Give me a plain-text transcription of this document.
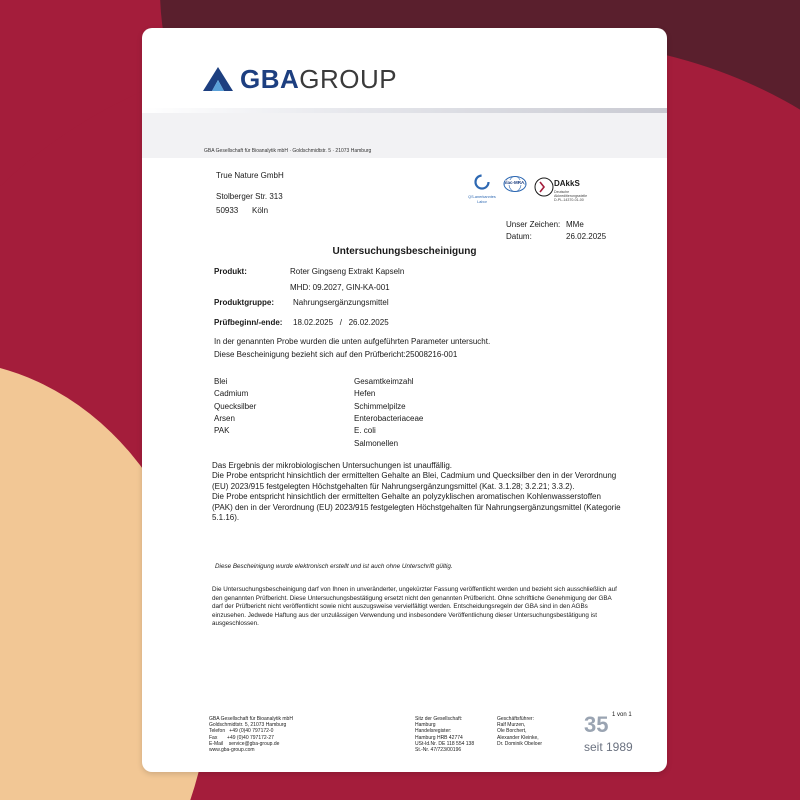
GBAGROUP
GBA Gesellschaft für Bioanalytik mbH · Goldschmidtstr. 5 · 21073 Hamburg
True Nature GmbH
Stolberger Str. 313
50933 Köln
QS-anerkanntes
Labor
ilac-MRA	DAkkS
Deutsche
Akkreditierungsstelle
D-PL-14370-01-00
Unser Zeichen: MMe
Datum:	26.02.2025
Untersuchungsbescheinigung
Produkt:	Roter Gingseng Extrakt Kapseln
MHD: 09.2027, GIN-KA-001
Produktgruppe: Nahrungsergänzungsmittel
Prüfbeginn/-ende: 18.02.2025   /   26.02.2025
In der genannten Probe wurden die unten aufgeführten Parameter untersucht.
Diese Bescheinigung bezieht sich auf den Prüfbericht:25008216-001
Blei
Cadmium
Quecksilber
Arsen
PAK
Gesamtkeimzahl
Hefen
Schimmelpilze
Enterobacteriaceae
E. coli
Salmonellen
Das Ergebnis der mikrobiologischen Untersuchungen ist unauffällig.
Die Probe entspricht hinsichtlich der ermittelten Gehalte an Blei, Cadmium und Quecksilber den in der Verordnung (EU) 2023/915 festgelegten Höchstgehalten für Nahrungsergänzungsmittel (Kat. 3.1.28; 3.2.21; 3.3.2).
Die Probe entspricht hinsichtlich der ermittelten Gehalte an polyzyklischen aromatischen Kohlenwasserstoffen (PAK) den in der Verordnung (EU) 2023/915 festgelegten Höchstgehalten für Nahrungsergänzungsmittel (Kategorie 5.1.16).
Diese Bescheinigung wurde elektronisch erstellt und ist auch ohne Unterschrift gültig.
Die Untersuchungsbescheinigung darf von Ihnen in unveränderter, ungekürzter Fassung veröffentlicht werden und bezieht sich ausschließlich auf den genannten Prüfbericht. Diese Untersuchungsbestätigung ersetzt nicht den genannten Prüfbericht. Ohne schriftliche Genehmigung der GBA darf der Prüfbericht nicht veröffentlicht sowie nicht auszugsweise vervielfältigt werden. Entscheidungsregeln der GBA sind in den AGBs einzusehen. Jedwede Haftung aus der unzulässigen Verwendung und insbesondere Veröffentlichung dieser Untersuchungsbestätigung ist ausgeschlossen.
GBA Gesellschaft für Bioanalytik mbH
Goldschmidtstr. 5, 21073 Hamburg
Telefon   +49 (0)40 797172-0
Fax       +49 (0)40 797172-27
E-Mail    service@gba-group.de
www.gba-group.com
Sitz der Gesellschaft:
Hamburg
Handelsregister:
Hamburg HRB 42774
USt-Id.Nr. DE 118 554 138
St.-Nr. 47/723/00196
Geschäftsführer:
Ralf Murzen,
Ole Borchert,
Alexander Kleinke,
Dr. Dominik Obeloer
35 1 von 1
seit 1989
